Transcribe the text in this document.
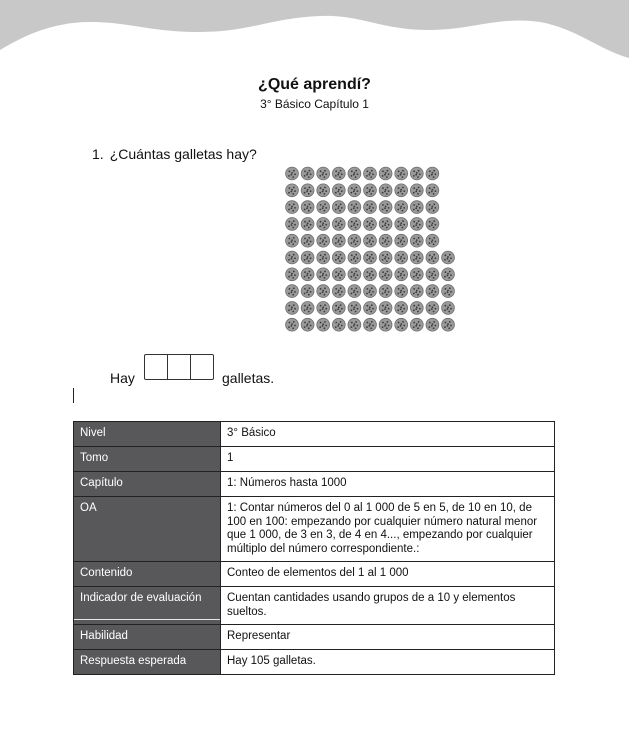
¿Qué aprendí?
3° Básico Capítulo 1
1. ¿Cuántas galletas hay?
Hay	galletas.
Nivel	3° Básico
Tomo	1
Capítulo	1: Números hasta 1000
OA	1: Contar números del 0 al 1 000 de 5 en 5, de 10 en 10, de 100 en 100: empezando por cualquier número natural menor que 1 000, de 3 en 3, de 4 en 4..., empezando por cualquier múltiplo del número correspondiente.:
Contenido	Conteo de elementos del 1 al 1 000
Indicador de evaluación	Cuentan cantidades usando grupos de a 10 y elementos sueltos.
Habilidad	Representar
Respuesta esperada	Hay 105 galletas.
